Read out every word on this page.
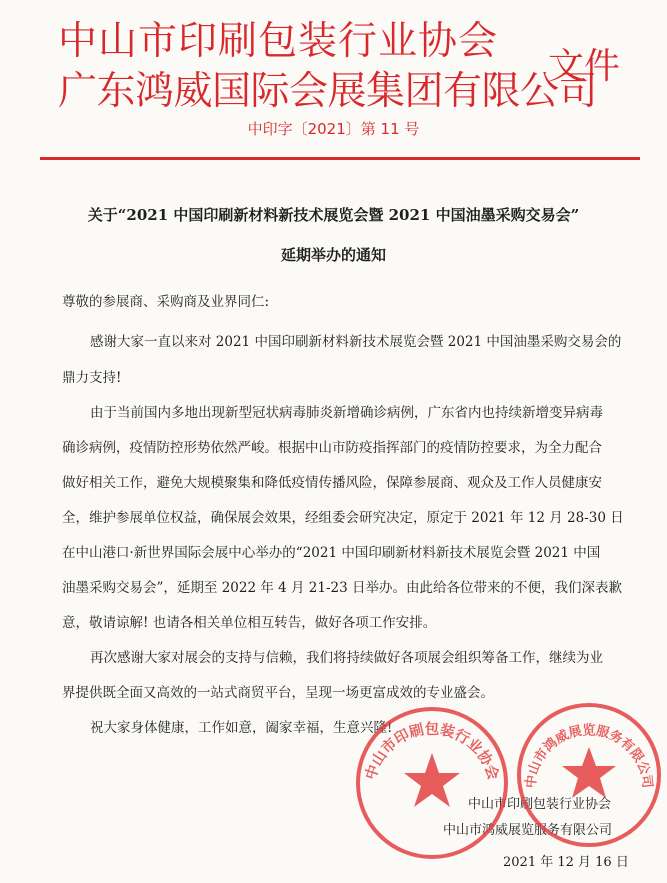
中山市印刷包装行业协会
广东鸿威国际会展集团有限公司
文件
中印字〔2021〕第 11 号
关于“2021 中国印刷新材料新技术展览会暨 2021 中国油墨采购交易会”
延期举办的通知
尊敬的参展商、采购商及业界同仁:
感谢大家一直以来对 2021 中国印刷新材料新技术展览会暨 2021 中国油墨采购交易会的
鼎力支持!
由于当前国内多地出现新型冠状病毒肺炎新增确诊病例，广东省内也持续新增变异病毒
确诊病例，疫情防控形势依然严峻。根据中山市防疫指挥部门的疫情防控要求，为全力配合
做好相关工作，避免大规模聚集和降低疫情传播风险，保障参展商、观众及工作人员健康安
全，维护参展单位权益，确保展会效果，经组委会研究决定，原定于 2021 年 12 月 28-30 日
在中山港口·新世界国际会展中心举办的“2021 中国印刷新材料新技术展览会暨 2021 中国
油墨采购交易会”，延期至 2022 年 4 月 21-23 日举办。由此给各位带来的不便，我们深表歉
意，敬请谅解! 也请各相关单位相互转告，做好各项工作安排。
再次感谢大家对展会的支持与信赖，我们将持续做好各项展会组织筹备工作，继续为业
界提供既全面又高效的一站式商贸平台，呈现一场更富成效的专业盛会。
祝大家身体健康，工作如意，阖家幸福，生意兴隆!
中山市印刷包装行业协会
中山市鸿威展览服务有限公司
2021 年 12 月 16 日
中山市印刷包装行业协会 中山市鸿威展览服务有限公司
